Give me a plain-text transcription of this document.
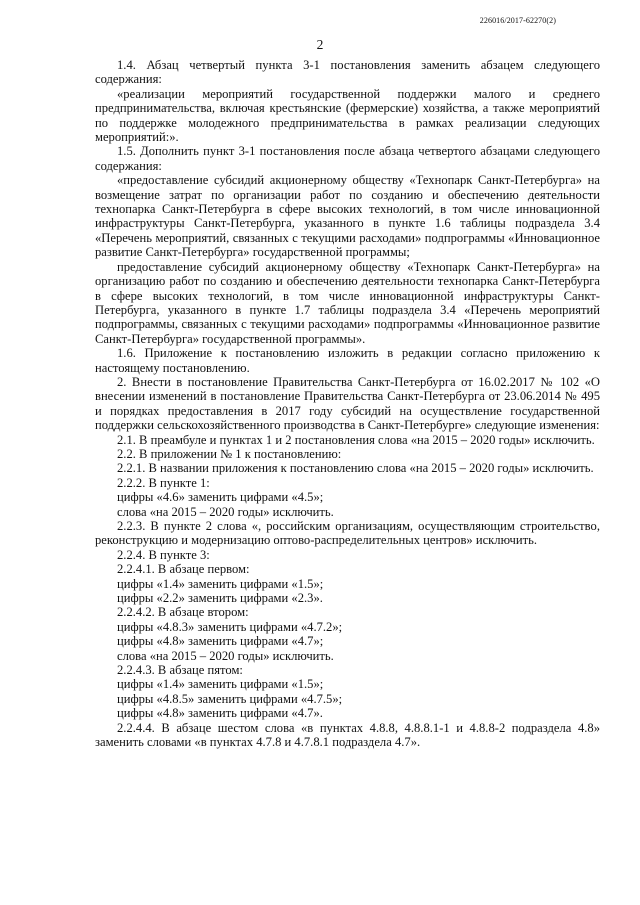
226016/2017-62270(2)
2

1.4. Абзац четвертый пункта 3-1 постановления заменить абзацем следующего содержания:

«реализации мероприятий государственной поддержки малого и среднего предпринимательства, включая крестьянские (фермерские) хозяйства, а также мероприятий по поддержке молодежного предпринимательства в рамках реализации следующих мероприятий:».

1.5. Дополнить пункт 3-1 постановления после абзаца четвертого абзацами следующего содержания:

«предоставление субсидий акционерному обществу «Технопарк Санкт-Петербурга» на возмещение затрат по организации работ по созданию и обеспечению деятельности технопарка Санкт-Петербурга в сфере высоких технологий, в том числе инновационной инфраструктуры Санкт-Петербурга, указанного в пункте 1.6 таблицы подраздела 3.4 «Перечень мероприятий, связанных с текущими расходами» подпрограммы «Инновационное развитие Санкт-Петербурга» государственной программы;

предоставление субсидий акционерному обществу «Технопарк Санкт-Петербурга» на организацию работ по созданию и обеспечению деятельности технопарка Санкт-Петербурга в сфере высоких технологий, в том числе инновационной инфраструктуры Санкт-Петербурга, указанного в пункте 1.7 таблицы подраздела 3.4 «Перечень мероприятий подпрограммы, связанных с текущими расходами» подпрограммы «Инновационное развитие Санкт-Петербурга» государственной программы».

1.6. Приложение к постановлению изложить в редакции согласно приложению к настоящему постановлению.

2. Внести в постановление Правительства Санкт-Петербурга от 16.02.2017 № 102 «О внесении изменений в постановление Правительства Санкт-Петербурга от 23.06.2014 № 495 и порядках предоставления в 2017 году субсидий на осуществление государственной поддержки сельскохозяйственного производства в Санкт-Петербурге» следующие изменения:

2.1. В преамбуле и пунктах 1 и 2 постановления слова «на 2015 – 2020 годы» исключить.

2.2. В приложении № 1 к постановлению:

2.2.1. В названии приложения к постановлению слова «на 2015 – 2020 годы» исключить.

2.2.2. В пункте 1:

цифры «4.6» заменить цифрами «4.5»;

слова «на 2015 – 2020 годы» исключить.

2.2.3. В пункте 2 слова «, российским организациям, осуществляющим строительство, реконструкцию и модернизацию оптово-распределительных центров» исключить.

2.2.4. В пункте 3:

2.2.4.1. В абзаце первом:

цифры «1.4» заменить цифрами «1.5»;

цифры «2.2» заменить цифрами «2.3».

2.2.4.2. В абзаце втором:

цифры «4.8.3» заменить цифрами «4.7.2»;

цифры «4.8» заменить цифрами «4.7»;

слова «на 2015 – 2020 годы» исключить.

2.2.4.3. В абзаце пятом:

цифры «1.4» заменить цифрами «1.5»;

цифры «4.8.5» заменить цифрами «4.7.5»;

цифры «4.8» заменить цифрами «4.7».

2.2.4.4. В абзаце шестом слова «в пунктах 4.8.8, 4.8.8.1-1 и 4.8.8-2 подраздела 4.8» заменить словами «в пунктах 4.7.8 и 4.7.8.1 подраздела 4.7».
